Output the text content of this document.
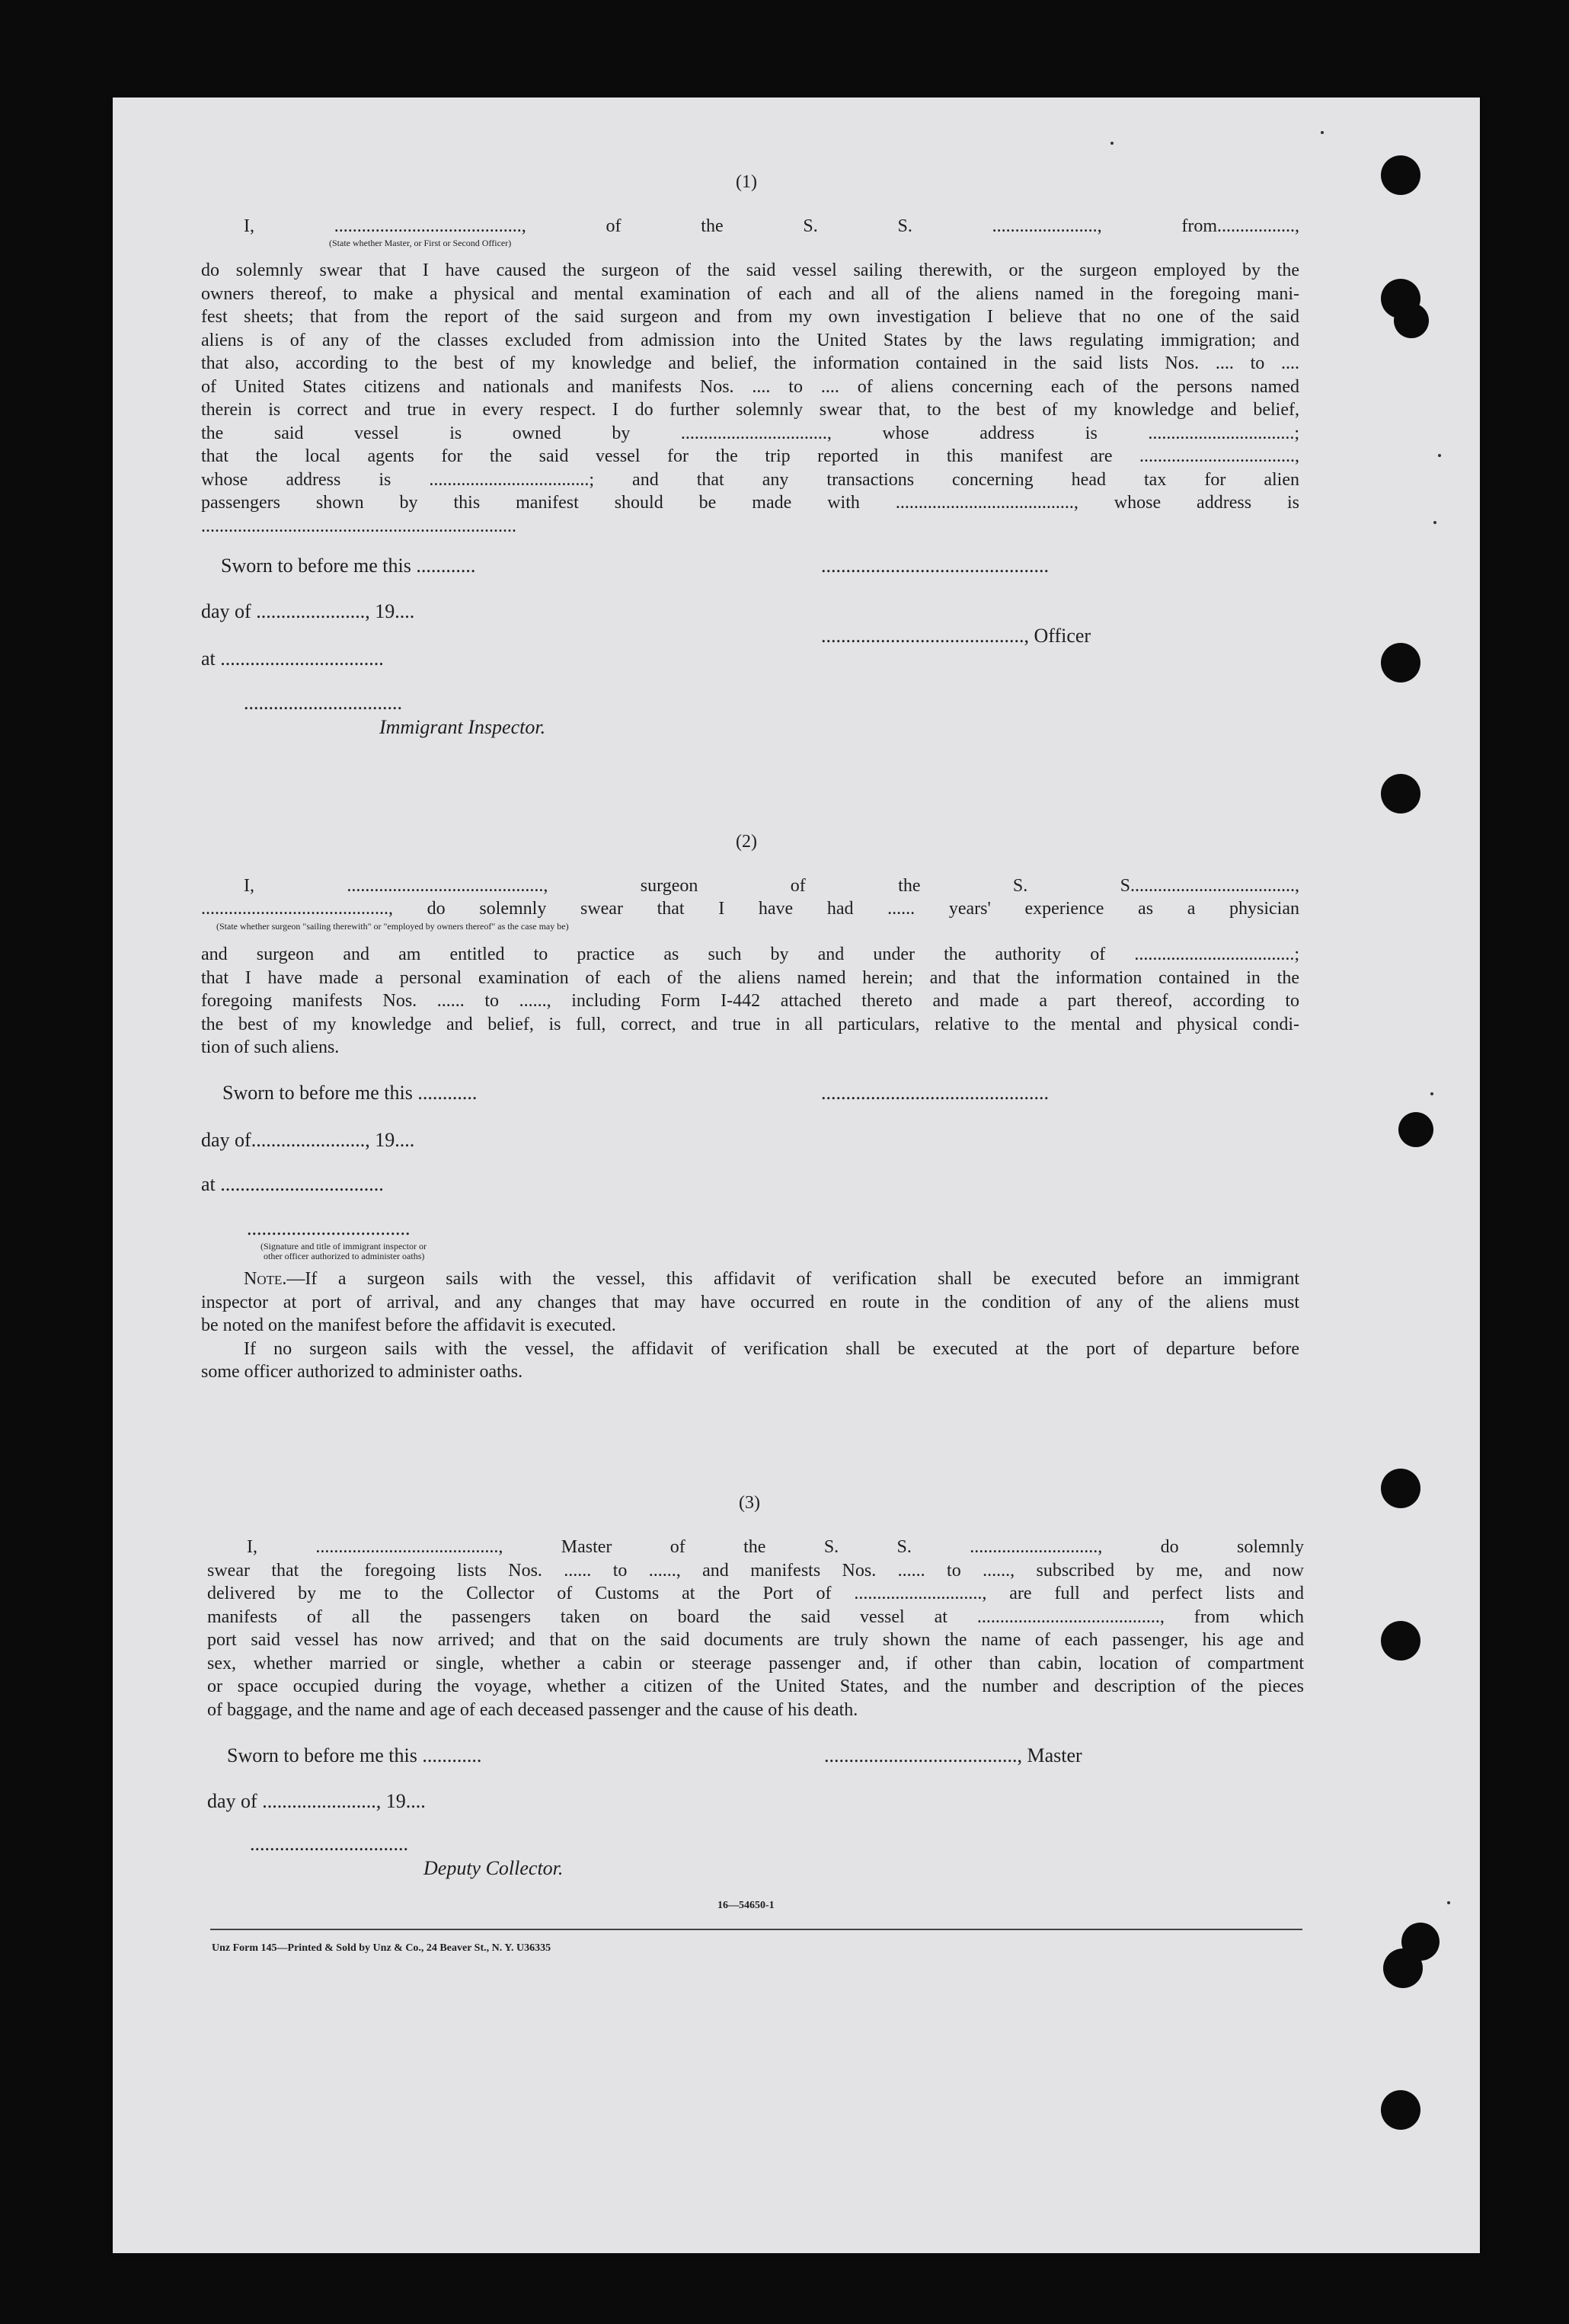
(1)
I, ........................................., of the S. S. ......................., from.................,
(State whether Master, or First or Second Officer)
do solemnly swear that I have caused the surgeon of the said vessel sailing therewith, or the surgeon employed by the
owners thereof, to make a physical and mental examination of each and all of the aliens named in the foregoing mani-
fest sheets; that from the report of the said surgeon and from my own investigation I believe that no one of the said
aliens is of any of the classes excluded from admission into the United States by the laws regulating immigration; and
that also, according to the best of my knowledge and belief, the information contained in the said lists Nos. .... to ....
of United States citizens and nationals and manifests Nos. .... to .... of aliens concerning each of the persons named
therein is correct and true in every respect. I do further solemnly swear that, to the best of my knowledge and belief,
the said vessel is owned by ................................, whose address is ................................;
that the local agents for the said vessel for the trip reported in this manifest are ..................................,
whose address is ...................................; and that any transactions concerning head tax for alien
passengers shown by this manifest should be made with ......................................., whose address is
.....................................................................
Sworn to before me this ............	..............................................
day of ......................, 19....
........................................., Officer
at .................................
................................
Immigrant Inspector.
(2)
I, ..........................................., surgeon of the S. S....................................,
........................................., do solemnly swear that I have had ...... years' experience as a physician
(State whether surgeon "sailing therewith" or "employed by owners thereof" as the case may be)
and surgeon and am entitled to practice as such by and under the authority of ...................................;
that I have made a personal examination of each of the aliens named herein; and that the information contained in the
foregoing manifests Nos. ...... to ......, including Form I-442 attached thereto and made a part thereof, according to
the best of my knowledge and belief, is full, correct, and true in all particulars, relative to the mental and physical condi-
tion of such aliens.
Sworn to before me this ............	..............................................
day of......................., 19....
at .................................
.................................
(Signature and title of immigrant inspector or
other officer authorized to administer oaths)
Note.—If a surgeon sails with the vessel, this affidavit of verification shall be executed before an immigrant
inspector at port of arrival, and any changes that may have occurred en route in the condition of any of the aliens must
be noted on the manifest before the affidavit is executed.
If no surgeon sails with the vessel, the affidavit of verification shall be executed at the port of departure before
some officer authorized to administer oaths.
(3)
I, ........................................, Master of the S. S. ............................, do solemnly
swear that the foregoing lists Nos. ...... to ......, and manifests Nos. ...... to ......, subscribed by me, and now
delivered by me to the Collector of Customs at the Port of ............................, are full and perfect lists and
manifests of all the passengers taken on board the said vessel at ........................................, from which
port said vessel has now arrived; and that on the said documents are truly shown the name of each passenger, his age and
sex, whether married or single, whether a cabin or steerage passenger and, if other than cabin, location of compartment
or space occupied during the voyage, whether a citizen of the United States, and the number and description of the pieces
of baggage, and the name and age of each deceased passenger and the cause of his death.
Sworn to before me this ............	......................................., Master
day of ......................., 19....
................................
Deputy Collector.
16—54650-1
Unz Form 145—Printed & Sold by Unz & Co., 24 Beaver St., N. Y. U36335
